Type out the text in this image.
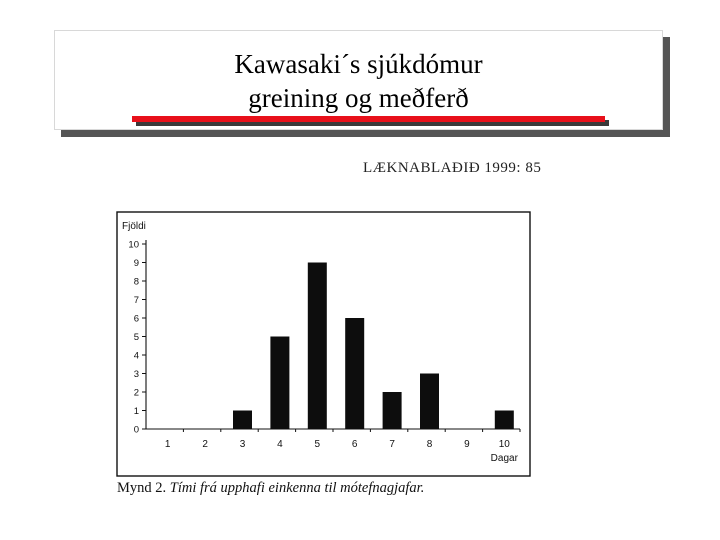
Kawasaki´s sjúkdómur
greining og meðferð
LÆKNABLAÐIÐ 1999: 85
Fjöldi
0
1
2
3
4
5
6
7
8
9
10
1	2	3	4	5	6	7	8	9	10
Dagar
Mynd 2. Tími frá upphafi einkenna til mótefnagjafar.
